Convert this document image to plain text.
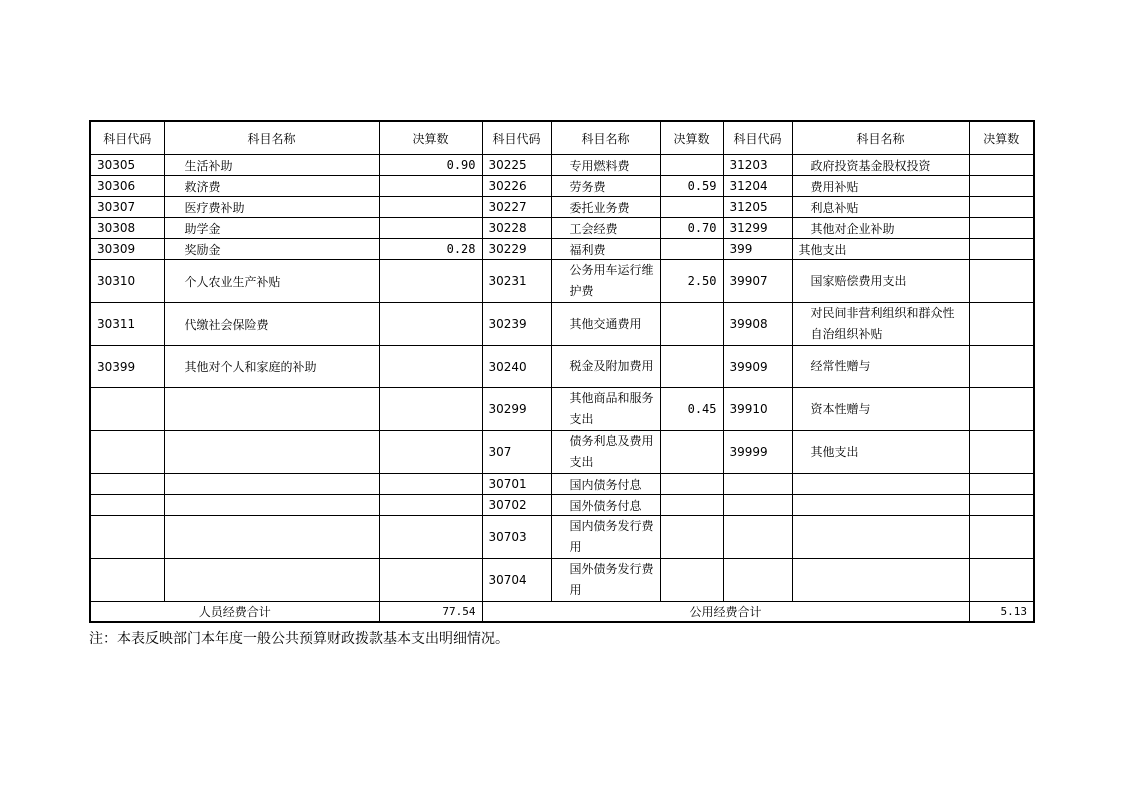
科目代码	科目名称	决算数	科目代码	科目名称	决算数	科目代码	科目名称	决算数
30305	生活补助	0.90	30225	专用燃料费		31203	政府投资基金股权投资	
30306	救济费		30226	劳务费	0.59	31204	费用补贴	
30307	医疗费补助		30227	委托业务费		31205	利息补贴	
30308	助学金		30228	工会经费	0.70	31299	其他对企业补助	
30309	奖励金	0.28	30229	福利费		399	其他支出	
30310	个人农业生产补贴		30231	公务用车运行维护费	2.50	39907	国家赔偿费用支出	
30311	代缴社会保险费		30239	其他交通费用		39908	对民间非营利组织和群众性自治组织补贴	
30399	其他对个人和家庭的补助		30240	税金及附加费用		39909	经常性赠与	
			30299	其他商品和服务支出	0.45	39910	资本性赠与	
			307	债务利息及费用支出		39999	其他支出	
			30701	国内债务付息				
			30702	国外债务付息				
			30703	国内债务发行费用				
			30704	国外债务发行费用				
人员经费合计		77.54	公用经费合计					5.13
注：本表反映部门本年度一般公共预算财政拨款基本支出明细情况。
